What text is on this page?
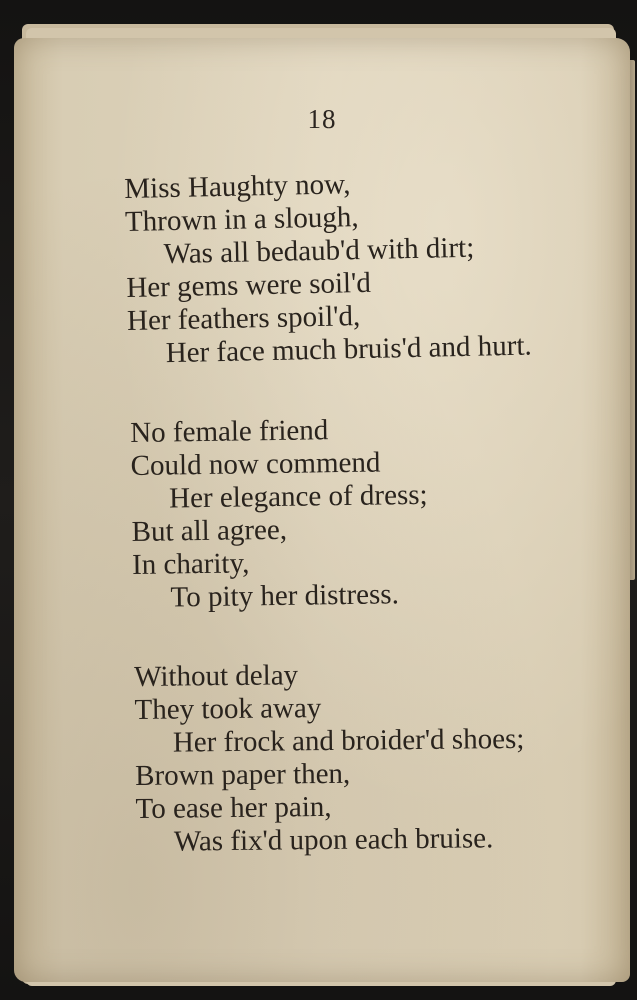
18
Miss Haughty now,
Thrown in a slough,
Was all bedaub'd with dirt;
Her gems were soil'd
Her feathers spoil'd,
Her face much bruis'd and hurt.
No female friend
Could now commend
Her elegance of dress;
But all agree,
In charity,
To pity her distress.
Without delay
They took away
Her frock and broider'd shoes;
Brown paper then,
To ease her pain,
Was fix'd upon each bruise.
